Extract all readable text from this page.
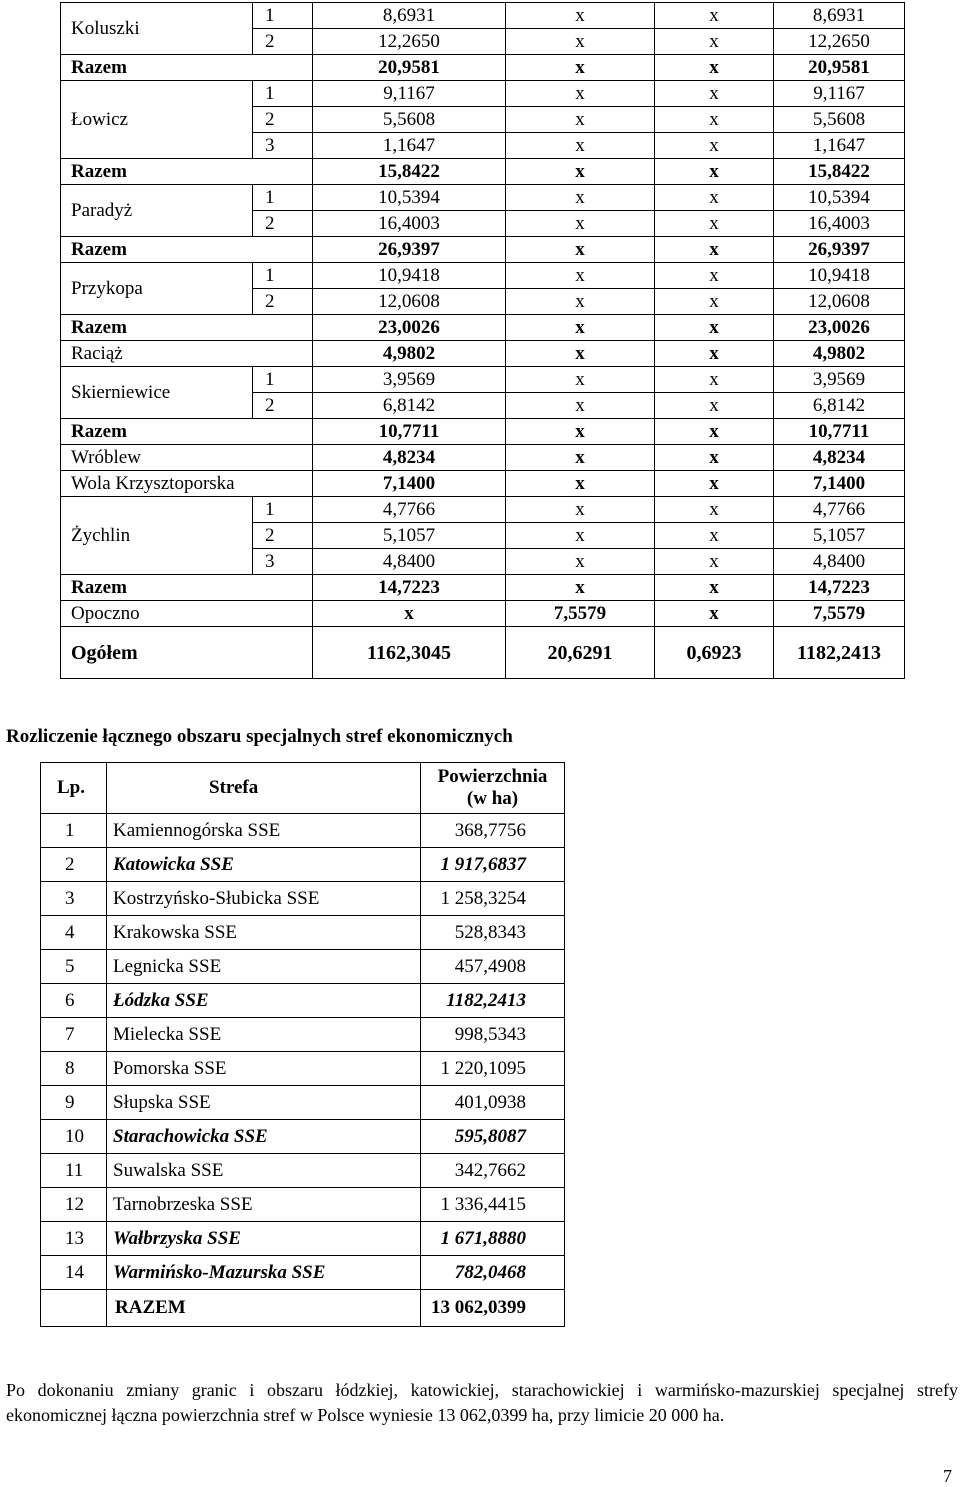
Koluszki	1	8,6931	x	x	8,6931
	2	12,2650	x	x	12,2650
Razem		20,9581	x	x	20,9581
Łowicz	1	9,1167	x	x	9,1167
	2	5,5608	x	x	5,5608
	3	1,1647	x	x	1,1647
Razem		15,8422	x	x	15,8422
Paradyż	1	10,5394	x	x	10,5394
	2	16,4003	x	x	16,4003
Razem		26,9397	x	x	26,9397
Przykopa	1	10,9418	x	x	10,9418
	2	12,0608	x	x	12,0608
Razem		23,0026	x	x	23,0026
Raciąż		4,9802	x	x	4,9802
Skierniewice	1	3,9569	x	x	3,9569
	2	6,8142	x	x	6,8142
Razem		10,7711	x	x	10,7711
Wróblew		4,8234	x	x	4,8234
Wola Krzysztoporska		7,1400	x	x	7,1400
Żychlin	1	4,7766	x	x	4,7766
	2	5,1057	x	x	5,1057
	3	4,8400	x	x	4,8400
Razem		14,7223	x	x	14,7223
Opoczno		x	7,5579	x	7,5579
Ogółem		1162,3045	20,6291	0,6923	1182,2413
Rozliczenie łącznego obszaru specjalnych stref ekonomicznych
Lp.	Strefa	Powierzchnia
(w ha)

1	Kamiennogórska SSE	368,7756
2	Katowicka SSE	1 917,6837
3	Kostrzyńsko-Słubicka SSE	1 258,3254
4	Krakowska SSE	528,8343
5	Legnicka SSE	457,4908
6	Łódzka SSE	1182,2413
7	Mielecka SSE	998,5343
8	Pomorska SSE	1 220,1095
9	Słupska SSE	401,0938
10	Starachowicka SSE	595,8087
11	Suwalska SSE	342,7662
12	Tarnobrzeska SSE	1 336,4415
13	Wałbrzyska SSE	1 671,8880
14	Warmińsko-Mazurska SSE	782,0468
	RAZEM	13 062,0399
Po dokonaniu zmiany granic i obszaru łódzkiej, katowickiej, starachowickiej i warmińsko-mazurskiej specjalnej strefy ekonomicznej łączna powierzchnia stref w Polsce wyniesie 13 062,0399 ha, przy limicie 20 000 ha.
7
